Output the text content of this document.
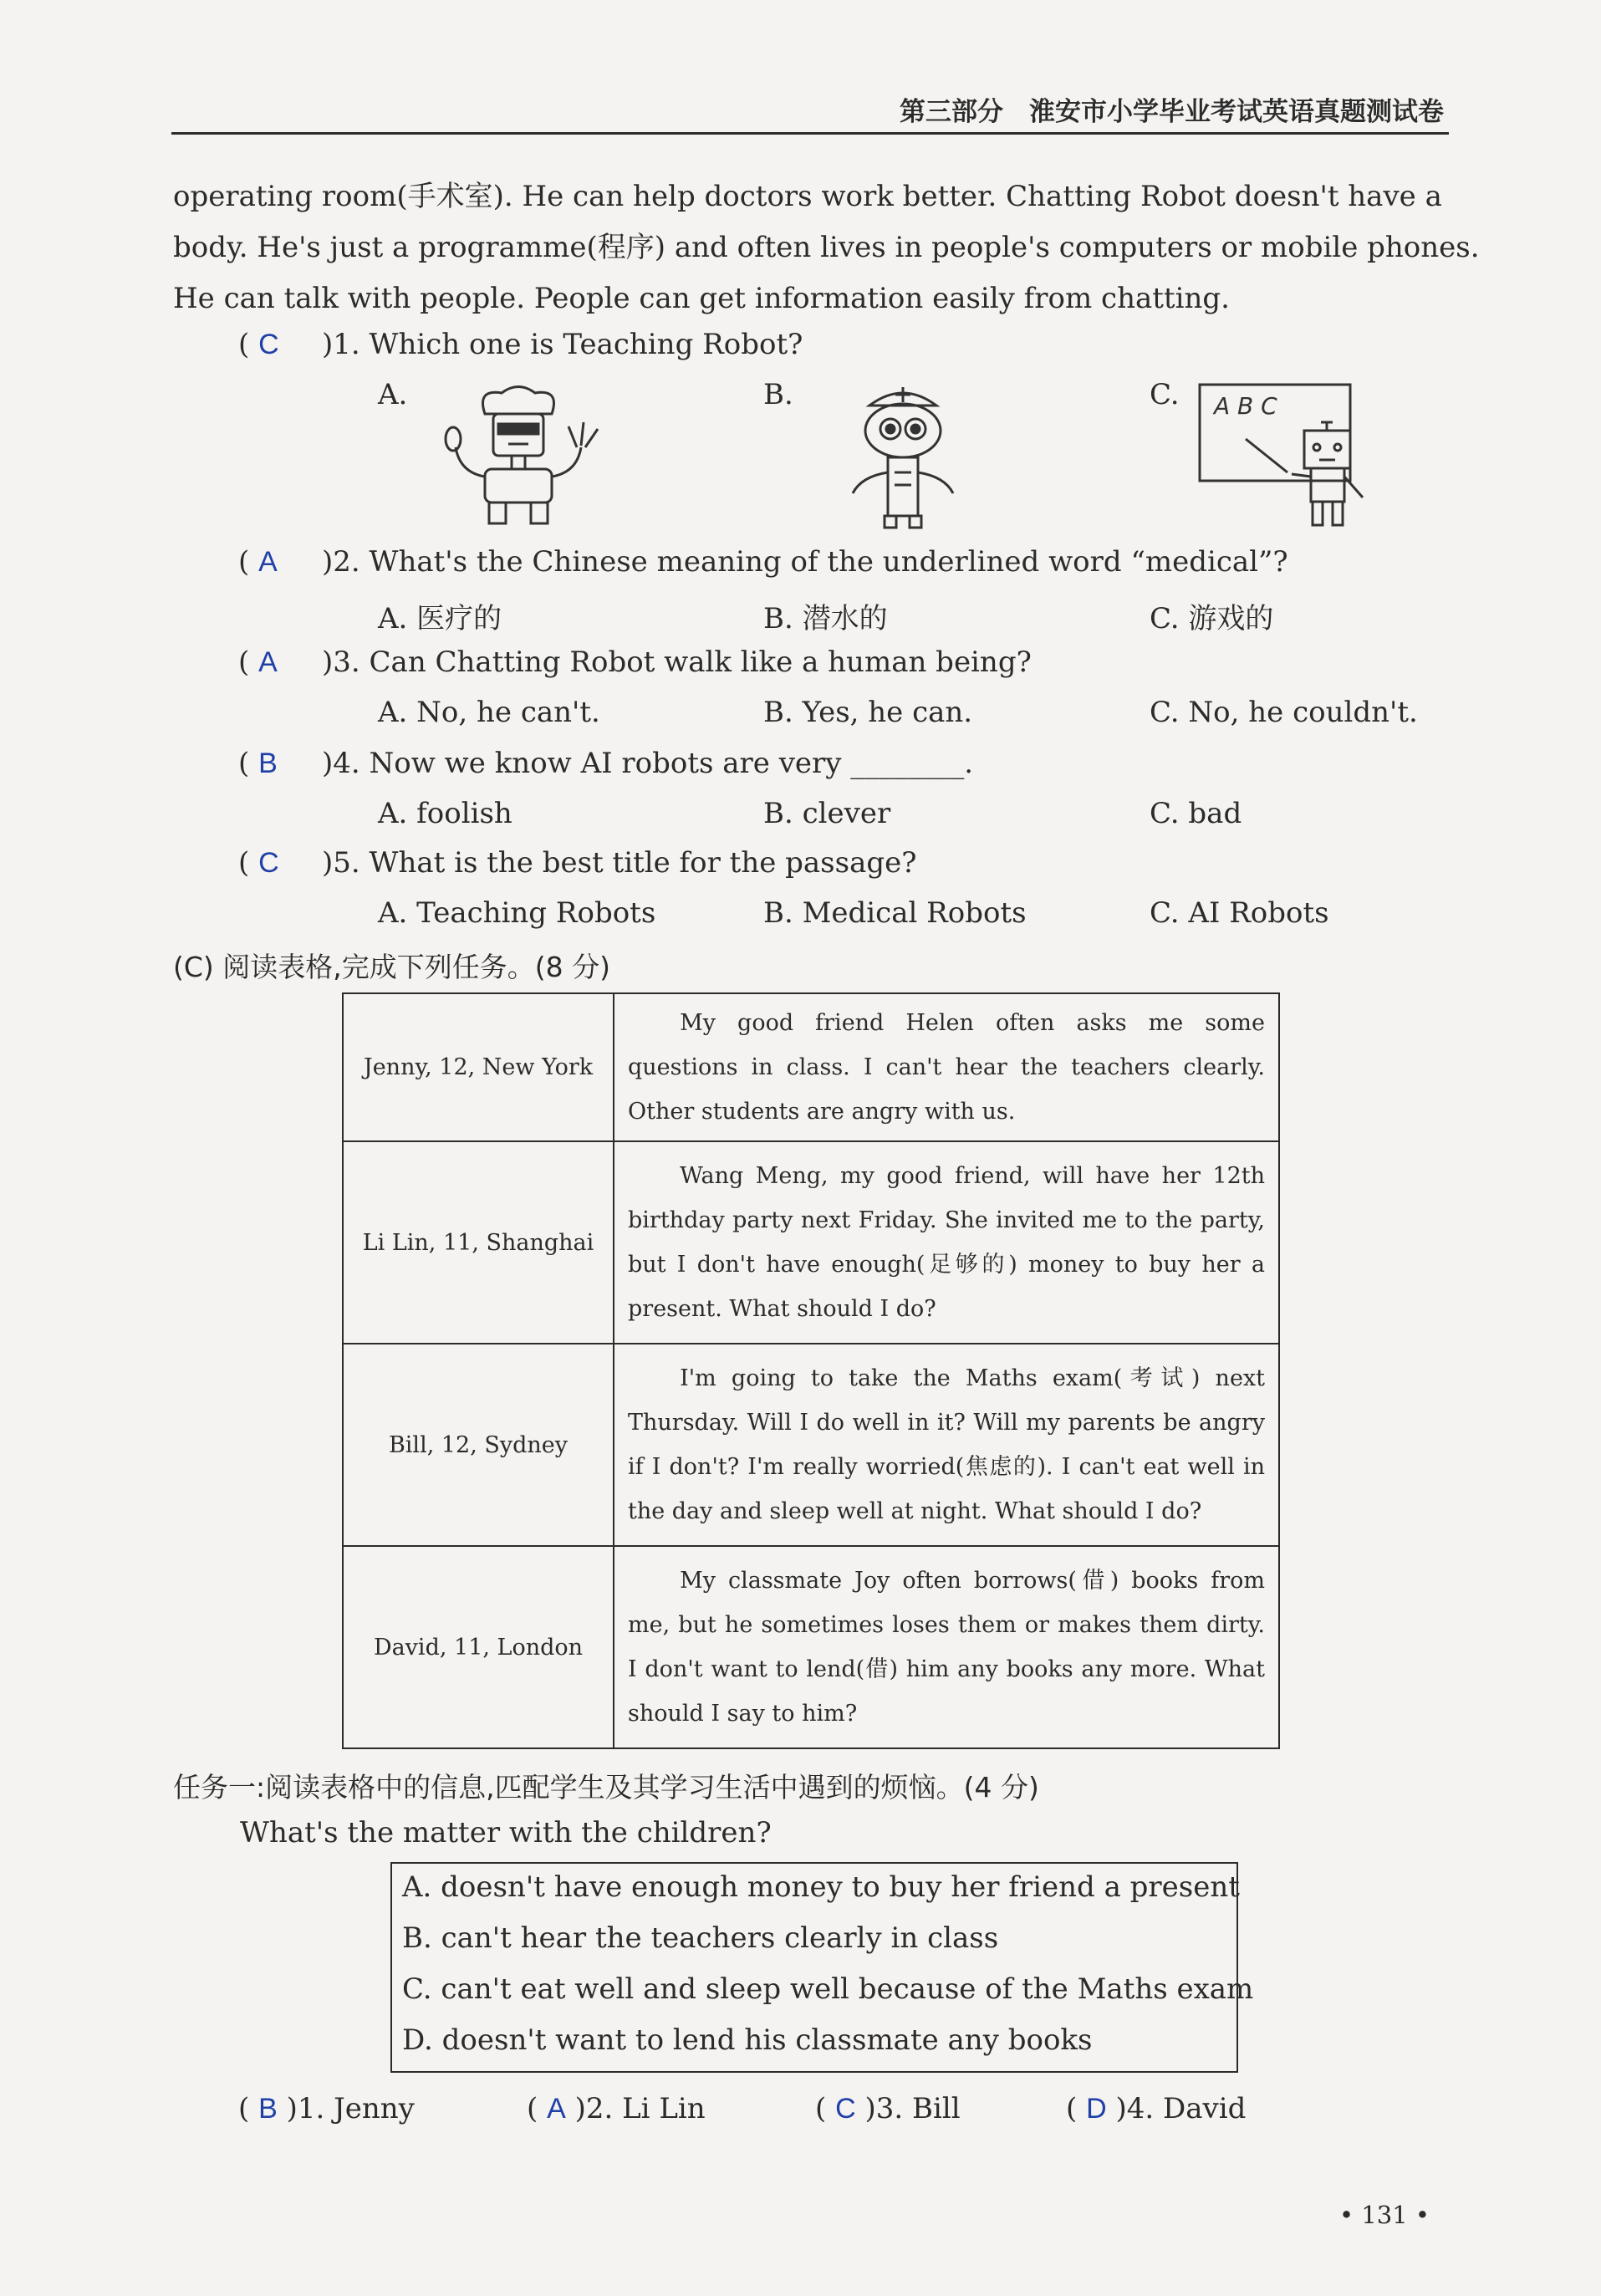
第三部分　淮安市小学毕业考试英语真题测试卷
operating room(手术室). He can help doctors work better. Chatting Robot doesn't have a
body. He's just a programme(程序) and often lives in people's computers or mobile phones.
He can talk with people. People can get information easily from chatting.
( C )1. Which one is Teaching Robot?
A.	B.	C. A B C
( A )2. What's the Chinese meaning of the underlined word “medical”?
A. 医疗的	B. 潜水的	C. 游戏的
( A )3. Can Chatting Robot walk like a human being?
A. No, he can't.	B. Yes, he can.	C. No, he couldn't.
( B )4. Now we know AI robots are very ________.
A. foolish	B. clever	C. bad
( C )5. What is the best title for the passage?
A. Teaching Robots	B. Medical Robots	C. AI Robots
(C) 阅读表格,完成下列任务。(8 分)
Jenny, 12, New York	My good friend Helen often asks me some questions in class. I can't hear the teachers clearly. Other students are angry with us.
Li Lin, 11, Shanghai	Wang Meng, my good friend, will have her 12th birthday party next Friday. She invited me to the party, but I don't have enough(足够的) money to buy her a present. What should I do?
Bill, 12, Sydney	I'm going to take the Maths exam(考试) next Thursday. Will I do well in it? Will my parents be angry if I don't? I'm really worried(焦虑的). I can't eat well in the day and sleep well at night. What should I do?
David, 11, London	My classmate Joy often borrows(借) books from me, but he sometimes loses them or makes them dirty. I don't want to lend(借) him any books any more. What should I say to him?
任务一:阅读表格中的信息,匹配学生及其学习生活中遇到的烦恼。(4 分)
What's the matter with the children?
A. doesn't have enough money to buy her friend a present
B. can't hear the teachers clearly in class
C. can't eat well and sleep well because of the Maths exam
D. doesn't want to lend his classmate any books
( B )1. Jenny	( A )2. Li Lin	( C )3. Bill	( D )4. David
• 131 •
